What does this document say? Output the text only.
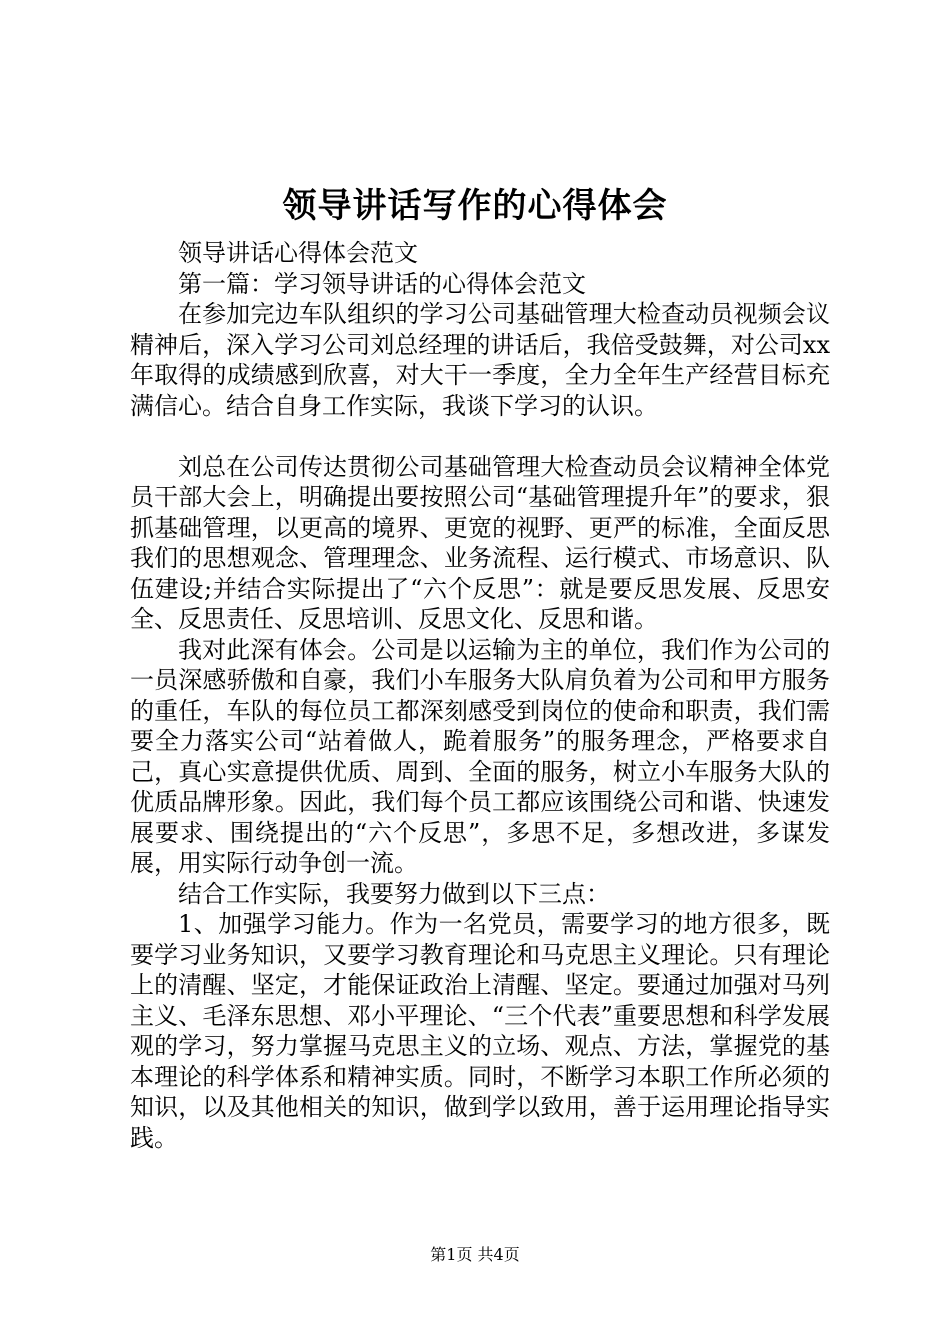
领导讲话写作的心得体会

领导讲话心得体会范文

第一篇：学习领导讲话的心得体会范文

在参加完边车队组织的学习公司基础管理大检查动员视频会议精神后，深入学习公司刘总经理的讲话后，我倍受鼓舞，对公司xx年取得的成绩感到欣喜，对大干一季度，全力全年生产经营目标充满信心。结合自身工作实际，我谈下学习的认识。

刘总在公司传达贯彻公司基础管理大检查动员会议精神全体党员干部大会上，明确提出要按照公司“基础管理提升年”的要求，狠抓基础管理，以更高的境界、更宽的视野、更严的标准，全面反思我们的思想观念、管理理念、业务流程、运行模式、市场意识、队伍建设;并结合实际提出了“六个反思”：就是要反思发展、反思安全、反思责任、反思培训、反思文化、反思和谐。

我对此深有体会。公司是以运输为主的单位，我们作为公司的一员深感骄傲和自豪，我们小车服务大队肩负着为公司和甲方服务的重任，车队的每位员工都深刻感受到岗位的使命和职责，我们需要全力落实公司“站着做人，跪着服务”的服务理念，严格要求自己，真心实意提供优质、周到、全面的服务，树立小车服务大队的优质品牌形象。因此，我们每个员工都应该围绕公司和谐、快速发展要求、围绕提出的“六个反思”，多思不足，多想改进，多谋发展，用实际行动争创一流。

结合工作实际，我要努力做到以下三点：

1、加强学习能力。作为一名党员，需要学习的地方很多，既要学习业务知识，又要学习教育理论和马克思主义理论。只有理论上的清醒、坚定，才能保证政治上清醒、坚定。要通过加强对马列主义、毛泽东思想、邓小平理论、“三个代表”重要思想和科学发展观的学习，努力掌握马克思主义的立场、观点、方法，掌握党的基本理论的科学体系和精神实质。同时，不断学习本职工作所必须的知识，以及其他相关的知识，做到学以致用，善于运用理论指导实践。

第1页 共4页
